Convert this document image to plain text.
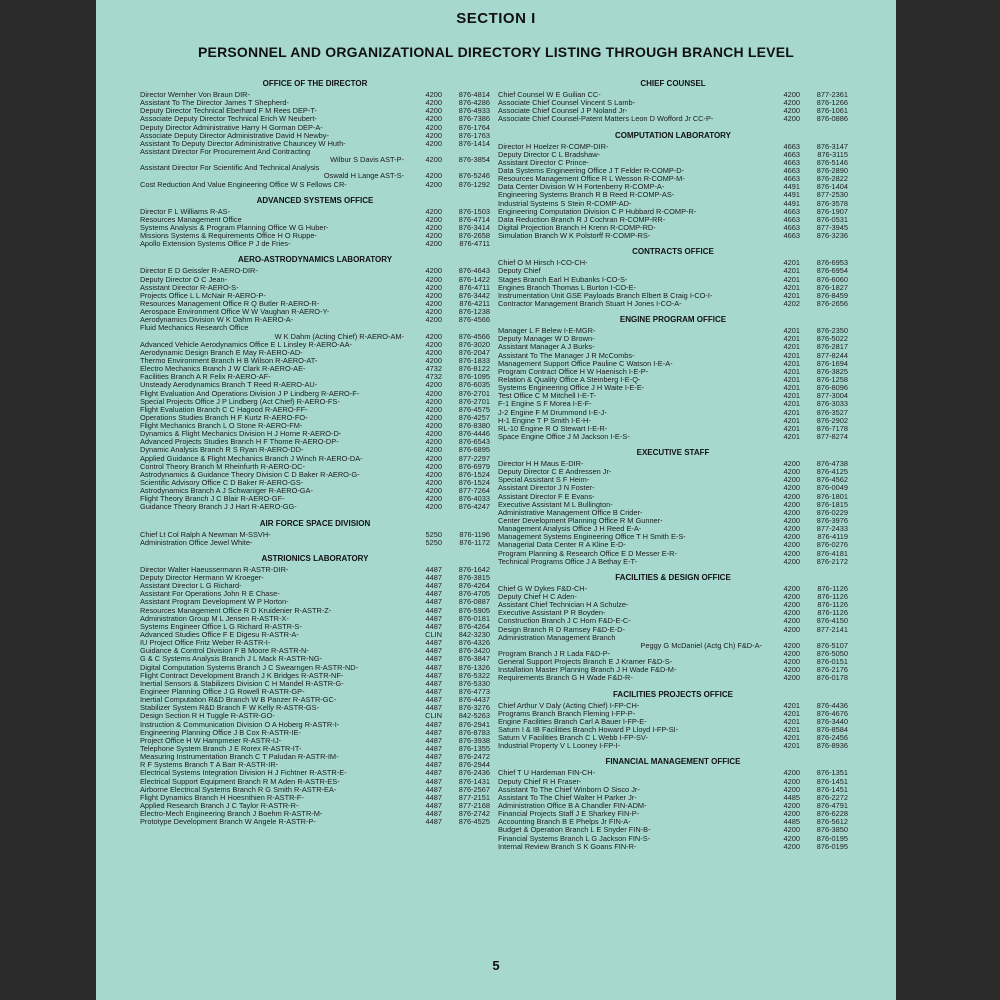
SECTION I
PERSONNEL AND ORGANIZATIONAL DIRECTORY LISTING THROUGH BRANCH LEVEL
OFFICE OF THE DIRECTOR
Director Wernher Von Braun DIR-	4200	876-4814
Assistant To The Director James T Shepherd-	4200	876-4286
Deputy Director Technical Eberhard F M Rees DEP-T-	4200	876-4933
Associate Deputy Director Technical Erich W Neubert-	4200	876-7386
Deputy Director Administrative Harry H Gorman DEP-A-	4200	876-1764
Associate Deputy Director Administrative David H Newby-	4200	876-1763
Assistant To Deputy Director Administrative Chauncey W Huth-	4200	876-1414
Assistant Director For Procurement And Contracting
Wilbur S Davis AST-P-	4200	876-3854
Assistant Director For Scientific And Technical Analysis
Oswald H Lange AST-S-	4200	876-5246
Cost Reduction And Value Engineering Office W S Fellows CR-	4200	876-1292
ADVANCED SYSTEMS OFFICE
Director F L Williams R-AS-	4200	876-1503
Resources Management Office	4200	876-4714
Systems Analysis & Program Planning Office W G Huber-	4200	876-3414
Missions Systems & Requirements Office H O Ruppe-	4200	876-2658
Apollo Extension Systems Office P J de Fries-	4200	876-4711
AERO-ASTRODYNAMICS LABORATORY
Director E D Geissler R-AERO-DIR-	4200	876-4643
Deputy Director O C Jean-	4200	876-1422
Assistant Director R-AERO-S-	4200	876-4711
Projects Office L L McNair R-AERO-P-	4200	876-3442
Resources Management Office R Q Butler R-AERO-R-	4200	876-4211
Aerospace Environment Office W W Vaughan R-AERO-Y-	4200	876-1238
Aerodynamics Division W K Dahm R-AERO-A-	4200	876-4566
Fluid Mechanics Research Office
W K Dahm (Acting Chief) R-AERO-AM-	4200	876-4566
Advanced Vehicle Aerodynamics Office E L Linsley R-AERO-AA-	4200	876-3020
Aerodynamic Design Branch E May R-AERO-AD-	4200	876-2047
Thermo Environment Branch H B Wilson R-AERO-AT-	4200	876-1833
Electro Mechanics Branch J W Clark R-AERO-AE-	4732	876-8122
Facilities Branch A R Felix R-AERO-AF-	4732	876-1095
Unsteady Aerodynamics Branch T Reed R-AERO-AU-	4200	876-6035
Flight Evaluation And Operations Division J P Lindberg R-AERO-F-	4200	876-2701
Special Projects Office J P Lindberg (Act Chief) R-AERO-FS-	4200	876-2701
Flight Evaluation Branch C C Hagood R-AERO-FF-	4200	876-4575
Operations Studies Branch H F Kurtz R-AERO-FO-	4200	876-4257
Flight Mechanics Branch L O Stone R-AERO-FM-	4200	876-8380
Dynamics & Flight Mechanics Division H J Horne R-AERO-D-	4200	876-4446
Advanced Projects Studies Branch H F Thome R-AERO-DP-	4200	876-6543
Dynamic Analysis Branch R S Ryan R-AERO-DD-	4200	876-6895
Applied Guidance & Flight Mechanics Branch J Winch R-AERO-DA-	4200	877-2297
Control Theory Branch M Rheinfurth R-AERO-DC-	4200	876-6979
Astrodynamics & Guidance Theory Division C D Baker R-AERO-G-	4200	876-1524
Scientific Advisory Office C D Baker R-AERO-GS-	4200	876-1524
Astrodynamics Branch A J Schwaniger R-AERO-GA-	4200	877-7264
Flight Theory Branch J C Blair R-AERO-GF-	4200	876-4033
Guidance Theory Branch J J Hart R-AERO-GG-	4200	876-4247
AIR FORCE SPACE DIVISION
Chief Lt Col Ralph A Newman M-SSVH-	5250	876-1196
Administration Office Jewel White-	5250	876-1172
ASTRIONICS LABORATORY
Director Walter Haeussermann R-ASTR-DIR-	4487	876-1642
Deputy Director Hermann W Kroeger-	4487	876-3815
Assistant Director L G Richard-	4487	876-4264
Assistant For Operations John R E Chase-	4487	876-4705
Assistant Program Development W P Horton-	4487	876-0887
Resources Management Office R D Kruidenier R-ASTR-Z-	4487	876-5905
Administration Group M L Jensen R-ASTR-X-	4487	876-0181
Systems Engineer Office L G Richard R-ASTR-S-	4487	876-4264
Advanced Studies Office F E Digesu R-ASTR-A-	CLIN	842-3230
IU Project Office Fritz Weber R-ASTR-I-	4487	876-4326
Guidance & Control Division F B Moore R-ASTR-N-	4487	876-3420
G & C Systems Analysis Branch J L Mack R-ASTR-NG-	4487	876-3847
Digital Computation Systems Branch J C Swearngen R-ASTR-ND-	4487	876-1326
Flight Contract Development Branch J K Bridges R-ASTR-NF-	4487	876-5322
Inertial Sensors & Stabilizers Division C H Mandel R-ASTR-G-	4487	876-5330
Engineer Planning Office J G Rowell R-ASTR-GP-	4487	876-4773
Inertial Computation R&D Branch W B Panzer R-ASTR-GC-	4487	876-4437
Stabilizer System R&D Branch F W Kelly R-ASTR-GS-	4487	876-3276
Design Section R H Tuggle R-ASTR-GO-	CLIN	842-5263
Instruction & Communication Division O A Hoberg R-ASTR-I-	4487	876-2941
Engineering Planning Office J B Cox R-ASTR-IE-	4487	876-8783
Project Office H W Hampmeier R-ASTR-IJ-	4487	876-3938
Telephone System Branch J E Rorex R-ASTR-IT-	4487	876-1355
Measuring Instrumentation Branch C T Paludan R-ASTR-IM-	4487	876-2472
R F Systems Branch T A Barr R-ASTR-IR-	4487	876-2944
Electrical Systems Integration Division H J Fichtner R-ASTR-E-	4487	876-2436
Electrical Support Equipment Branch R M Aden R-ASTR-ES-	4487	876-1431
Airborne Electrical Systems Branch R G Smith R-ASTR-EA-	4487	876-2567
Flight Dynamics Branch H Hoesnthien R-ASTR-F-	4487	877-2151
Applied Research Branch J C Taylor R-ASTR-R-	4487	877-2168
Electro-Mech Engineering Branch J Boehm R-ASTR-M-	4487	876-2742
Prototype Development Branch W Angele R-ASTR-P-	4487	876-4525
CHIEF COUNSEL
Chief Counsel W E Guilian CC-	4200	877-2361
Associate Chief Counsel Vincent S Lamb-	4200	876-1266
Associate Chief Counsel J P Noland Jr-	4200	876-1061
Associate Chief Counsel-Patent Matters Leon D Wofford Jr CC-P-	4200	876-0886
COMPUTATION LABORATORY
Director H Hoelzer R-COMP-DIR-	4663	876-3147
Deputy Director C L Bradshaw-	4663	876-3115
Assistant Director C Prince-	4663	876-5146
Data Systems Engineering Office J T Felder R-COMP-D-	4663	876-2890
Resources Management Office R L Wesson R-COMP-M-	4663	876-2822
Data Center Division W H Fortenberry R-COMP-A-	4491	876-1404
Engineering Systems Branch R B Reed R-COMP-AS-	4491	877-2530
Industrial Systems S Stein R-COMP-AD-	4491	876-3578
Engineering Computation Division C P Hubbard R-COMP-R-	4663	876-1907
Data Reduction Branch R J Cochran R-COMP-RR-	4663	876-0531
Digital Projection Branch H Krenn R-COMP-RD-	4663	877-3945
Simulation Branch W K Polstorff R-COMP-RS-	4663	876-3236
CONTRACTS OFFICE
Chief O M Hirsch I-CO-CH-	4201	876-6953
Deputy Chief	4201	876-6954
Stages Branch Earl H Eubanks I-CO-S-	4201	876-6060
Engines Branch Thomas L Burton I-CO-E-	4201	876-1827
Instrumentation Unit GSE Payloads Branch Elbert B Craig I-CO-I-	4201	876-8459
Contractor Management Branch Stuart H Jones I-CO-A-	4202	876-2656
ENGINE PROGRAM OFFICE
Manager L F Belew I-E-MGR-	4201	876-2350
Deputy Manager W D Brown-	4201	876-5022
Assistant Manager A J Burks-	4201	876-2817
Assistant To The Manager J R McCombs-	4201	877-8244
Management Support Office Pauline C Watson I-E-A-	4201	876-1694
Program Contract Office H W Haenisch I-E-P-	4201	876-3825
Relation & Quality Office A Steinberg I-E-Q-	4201	876-1258
Systems Engineering Office J H Waite I-E-E-	4201	876-8096
Test Office C M Mitchell I-E-T-	4201	877-3004
F-1 Engine S F Morea I-E-F-	4201	876-3033
J-2 Engine F M Drummond I-E-J-	4201	876-3527
H-1 Engine T P Smith I-E-H-	4201	876-2902
RL-10 Engine R O Stewart I-E-R-	4201	876-7178
Space Engine Office J M Jackson I-E-S-	4201	877-8274
EXECUTIVE STAFF
Director H H Maus E-DIR-	4200	876-4738
Deputy Director C E Andressen Jr-	4200	876-4125
Special Assistant S F Heim-	4200	876-4562
Assistant Director J N Foster-	4200	876-0049
Assistant Director F E Evans-	4200	876-1801
Executive Assistant M L Bullington-	4200	876-1815
Administrative Management Office B Crider-	4200	876-0229
Center Development Planning Office R M Gunner-	4200	876-3976
Management Analysis Office J H Reed E-A-	4200	877-2433
Management Systems Engineering Office T H Smith E-S-	4200	876-4119
Managerial Data Center R A Kline E-D-	4200	876-0276
Program Planning & Research Office E D Messer E-R-	4200	876-4181
Technical Programs Office J A Bethay E-T-	4200	876-2172
FACILITIES & DESIGN OFFICE
Chief G W Dykes F&D-CH-	4200	876-1126
Deputy Chief H C Aden-	4200	876-1126
Assistant Chief Technician H A Schulze-	4200	876-1126
Executive Assistant P R Boyden-	4200	876-1126
Construction Branch J C Horn F&D-E-C-	4200	876-4150
Design Branch R D Ramsey F&D-E-D-	4200	877-2141
Administration Management Branch
Peggy G McDaniel (Actg Ch) F&D-A-	4200	876-5107
Program Branch J R Lada F&D-P-	4200	876-5050
General Support Projects Branch E J Kramer F&D-S-	4200	876-0151
Installation Master Planning Branch J H Wade F&D-M-	4200	876-2176
Requirements Branch G H Wade F&D-R-	4200	876-0178
FACILITIES PROJECTS OFFICE
Chief Arthur V Daly (Acting Chief) I-FP-CH-	4201	876-4436
Programs Branch Branch Fleming I-FP-P-	4201	876-4676
Engine Facilities Branch Carl A Bauer I-FP-E-	4201	876-3440
Saturn I & IB Facilities Branch Howard P Lloyd I-FP-SI-	4201	876-8584
Saturn V Facilities Branch C L Webb I-FP-SV-	4201	876-2456
Industrial Property V L Looney I-FP-I-	4201	876-8936
FINANCIAL MANAGEMENT OFFICE
Chief T U Hardeman FIN-CH-	4200	876-1351
Deputy Chief R H Fraser-	4200	876-1451
Assistant To The Chief Winborn O Sisco Jr-	4200	876-1451
Assistant To The Chief Walter H Parker Jr-	4485	876-2272
Administration Office B A Chandler FIN-ADM-	4200	876-4791
Financial Projects Staff J E Sharkey FIN-P-	4200	876-6228
Accounting Branch B E Phelps Jr FIN-A-	4485	876-5612
Budget & Operation Branch L E Snyder FIN-B-	4200	876-3850
Financial Systems Branch L G Jackson FIN-S-	4200	876-0195
Internal Review Branch S K Goans FIN-R-	4200	876-0195
5
